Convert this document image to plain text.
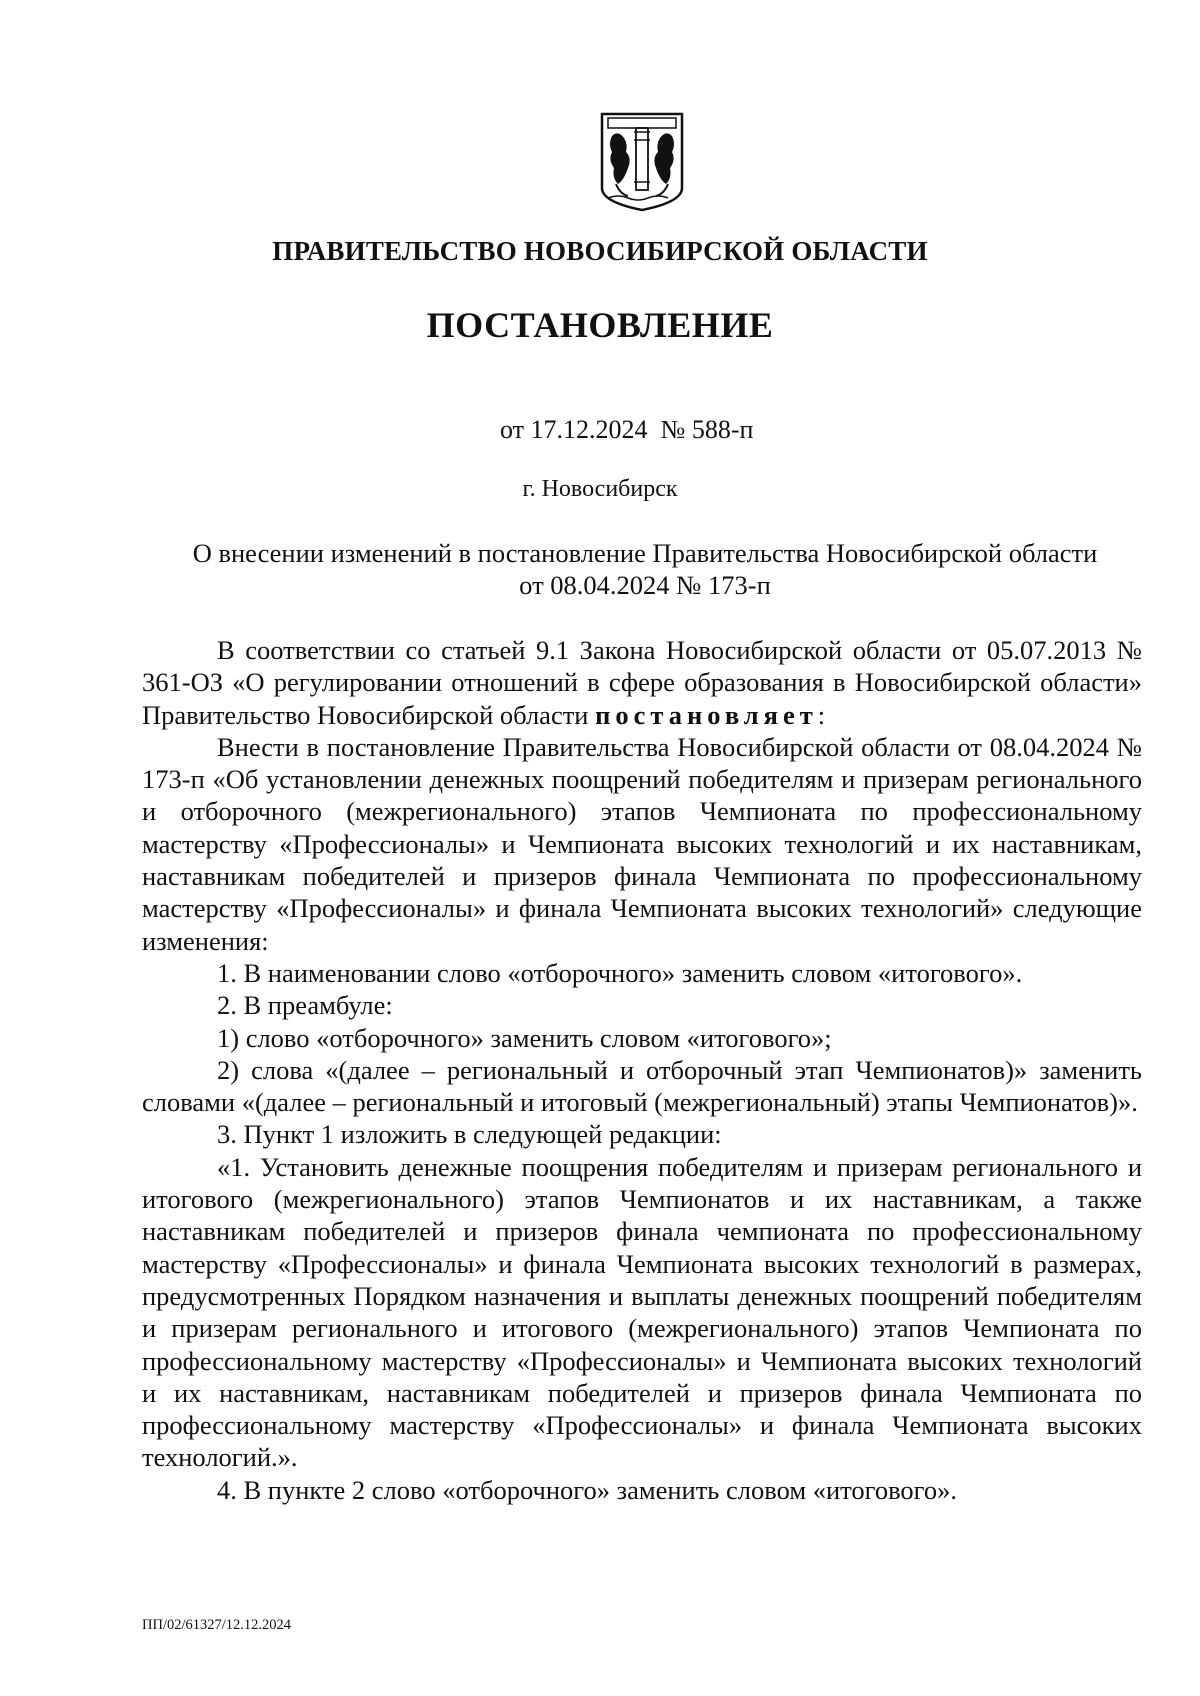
ПРАВИТЕЛЬСТВО НОВОСИБИРСКОЙ ОБЛАСТИ
ПОСТАНОВЛЕНИЕ
от 17.12.2024  № 588-п
г. Новосибирск
О внесении изменений в постановление Правительства Новосибирской области
от 08.04.2024 № 173-п

В соответствии со статьей 9.1 Закона Новосибирской области от 05.07.2013 № 361-ОЗ «О регулировании отношений в сфере образования в Новосибирской области» Правительство Новосибирской области постановляет:

Внести в постановление Правительства Новосибирской области от 08.04.2024 № 173-п «Об установлении денежных поощрений победителям и призерам регионального и отборочного (межрегионального) этапов Чемпионата по профессиональному мастерству «Профессионалы» и Чемпионата высоких технологий и их наставникам, наставникам победителей и призеров финала Чемпионата по профессиональному мастерству «Профессионалы» и финала Чемпионата высоких технологий» следующие изменения:

1. В наименовании слово «отборочного» заменить словом «итогового».

2. В преамбуле:

1) слово «отборочного» заменить словом «итогового»;

2) слова «(далее – региональный и отборочный этап Чемпионатов)» заменить словами «(далее – региональный и итоговый (межрегиональный) этапы Чемпионатов)».

3. Пункт 1 изложить в следующей редакции:

«1. Установить денежные поощрения победителям и призерам регионального и итогового (межрегионального) этапов Чемпионатов и их наставникам, а также наставникам победителей и призеров финала чемпионата по профессиональному мастерству «Профессионалы» и финала Чемпионата высоких технологий в размерах, предусмотренных Порядком назначения и выплаты денежных поощрений победителям и призерам регионального и итогового (межрегионального) этапов Чемпионата по профессиональному мастерству «Профессионалы» и Чемпионата высоких технологий и их наставникам, наставникам победителей и призеров финала Чемпионата по профессиональному мастерству «Профессионалы» и финала Чемпионата высоких технологий.».

4. В пункте 2 слово «отборочного» заменить словом «итогового».

ПП/02/61327/12.12.2024
